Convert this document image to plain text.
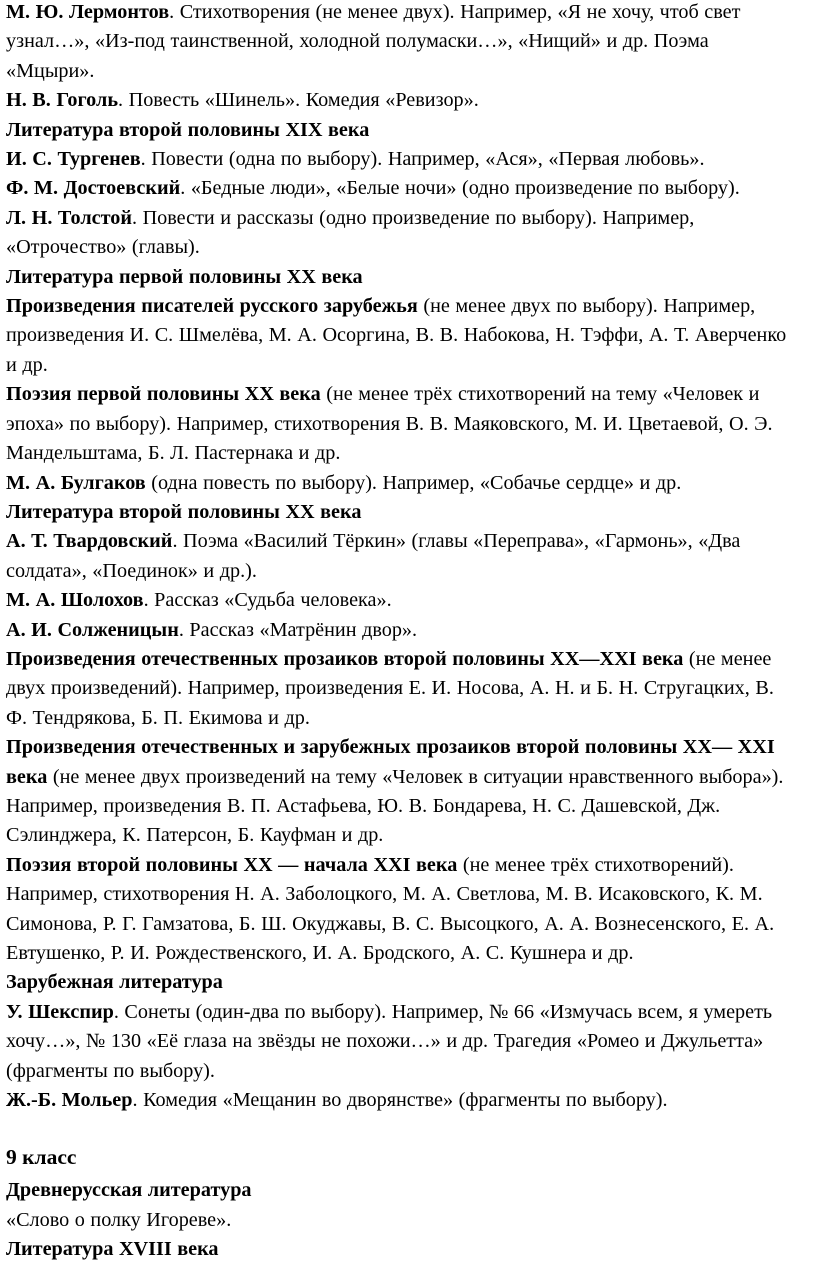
М. Ю. Лермонтов. Стихотворения (не менее двух). Например, «Я не хочу, чтоб свет узнал…», «Из-под таинственной, холодной полумаски…», «Нищий» и др. Поэма «Мцыри».

Н. В. Гоголь. Повесть «Шинель». Комедия «Ревизор».

Литература второй половины XIX века

И. С. Тургенев. Повести (одна по выбору). Например, «Ася», «Первая любовь».

Ф. М. Достоевский. «Бедные люди», «Белые ночи» (одно произведение по выбору).

Л. Н. Толстой. Повести и рассказы (одно произведение по выбору). Например, «Отрочество» (главы).

Литература первой половины XX века

Произведения писателей русского зарубежья (не менее двух по выбору). Например, произведения И. С. Шмелёва, М. А. Осоргина, В. В. Набокова, Н. Тэффи, А. Т. Аверченко и др.

Поэзия первой половины XX века (не менее трёх стихотворений на тему «Человек и эпоха» по выбору). Например, стихотворения В. В. Маяковского, М. И. Цветаевой, О. Э. Мандельштама, Б. Л. Пастернака и др.

М. А. Булгаков (одна повесть по выбору). Например, «Собачье сердце» и др.

Литература второй половины XX века

А. Т. Твардовский. Поэма «Василий Тёркин» (главы «Переправа», «Гармонь», «Два солдата», «Поединок» и др.).

М. А. Шолохов. Рассказ «Судьба человека».

А. И. Солженицын. Рассказ «Матрёнин двор».

Произведения отечественных прозаиков второй половины XX—XXI века (не менее двух произведений). Например, произведения Е. И. Носова, А. Н. и Б. Н. Стругацких, В. Ф. Тендрякова, Б. П. Екимова и др.

Произведения отечественных и зарубежных прозаиков второй половины XX— XXI века (не менее двух произведений на тему «Человек в ситуации нравственного выбора»). Например, произведения В. П. Астафьева, Ю. В. Бондарева, Н. С. Дашевской, Дж. Сэлинджера, К. Патерсон, Б. Кауфман и др.

Поэзия второй половины XX — начала XXI века (не менее трёх стихотворений). Например, стихотворения Н. А. Заболоцкого, М. А. Светлова, М. В. Исаковского, К. М. Симонова, Р. Г. Гамзатова, Б. Ш. Окуджавы, В. С. Высоцкого, А. А. Вознесенского, Е. А. Евтушенко, Р. И. Рождественского, И. А. Бродского, А. С. Кушнера и др.

Зарубежная литература

У. Шекспир. Сонеты (один-два по выбору). Например, № 66 «Измучась всем, я умереть хочу…», № 130 «Её глаза на звёзды не похожи…» и др. Трагедия «Ромео и Джульетта» (фрагменты по выбору).

Ж.-Б. Мольер. Комедия «Мещанин во дворянстве» (фрагменты по выбору).

9 класс

Древнерусская литература

«Слово о полку Игореве».

Литература XVIII века
